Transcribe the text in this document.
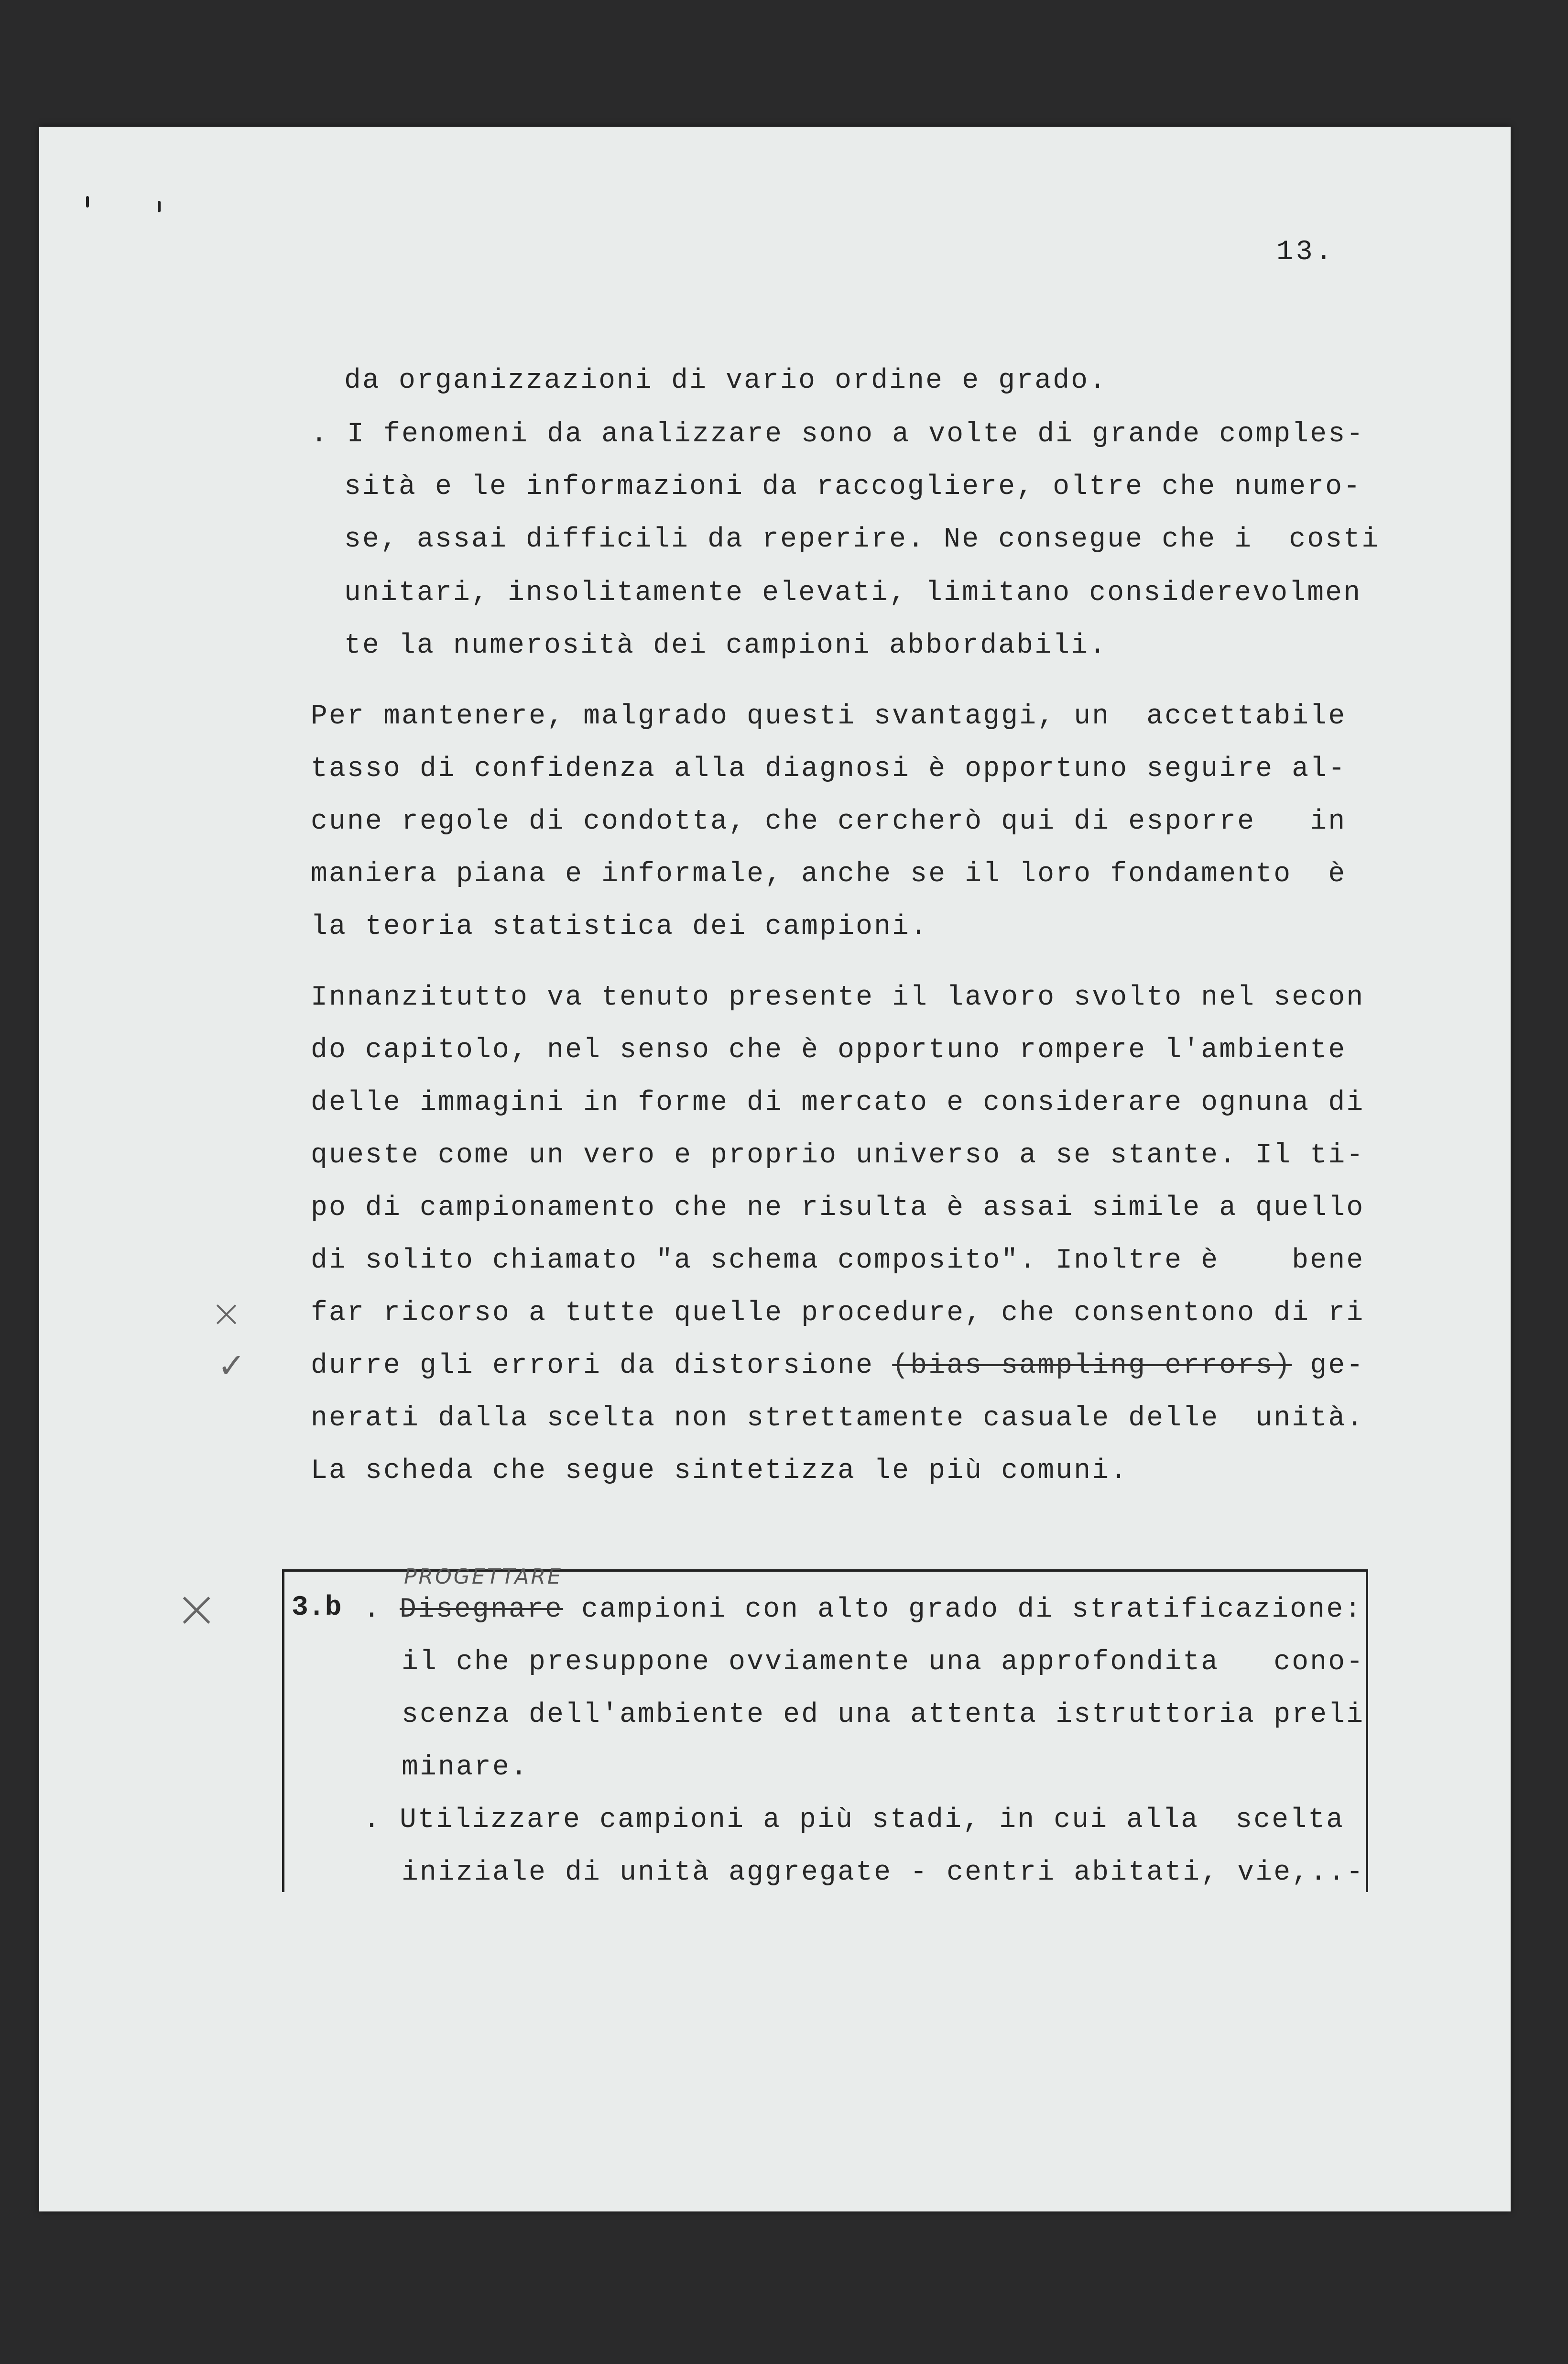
13.
da organizzazioni di vario ordine e grado.
. I fenomeni da analizzare sono a volte di grande comples-
sità e le informazioni da raccogliere, oltre che numero-
se, assai difficili da reperire. Ne consegue che i  costi
unitari, insolitamente elevati, limitano considerevolmen
te la numerosità dei campioni abbordabili.
Per mantenere, malgrado questi svantaggi, un  accettabile
tasso di confidenza alla diagnosi è opportuno seguire al-
cune regole di condotta, che cercherò qui di esporre   in
maniera piana e informale, anche se il loro fondamento  è
la teoria statistica dei campioni.
Innanzitutto va tenuto presente il lavoro svolto nel secon
do capitolo, nel senso che è opportuno rompere l'ambiente
delle immagini in forme di mercato e considerare ognuna di
queste come un vero e proprio universo a se stante. Il ti-
po di campionamento che ne risulta è assai simile a quello
di solito chiamato "a schema composito". Inoltre è    bene
far ricorso a tutte quelle procedure, che consentono di ri
durre gli errori da distorsione (bias sampling errors) ge-
nerati dalla scelta non strettamente casuale delle  unità.
La scheda che segue sintetizza le più comuni.
×
✓
×	3.b
PROGETTARE
. Disegnare campioni con alto grado di stratificazione:
il che presuppone ovviamente una approfondita   cono-
scenza dell'ambiente ed una attenta istruttoria preli
minare.
. Utilizzare campioni a più stadi, in cui alla  scelta
iniziale di unità aggregate - centri abitati, vie,..-
